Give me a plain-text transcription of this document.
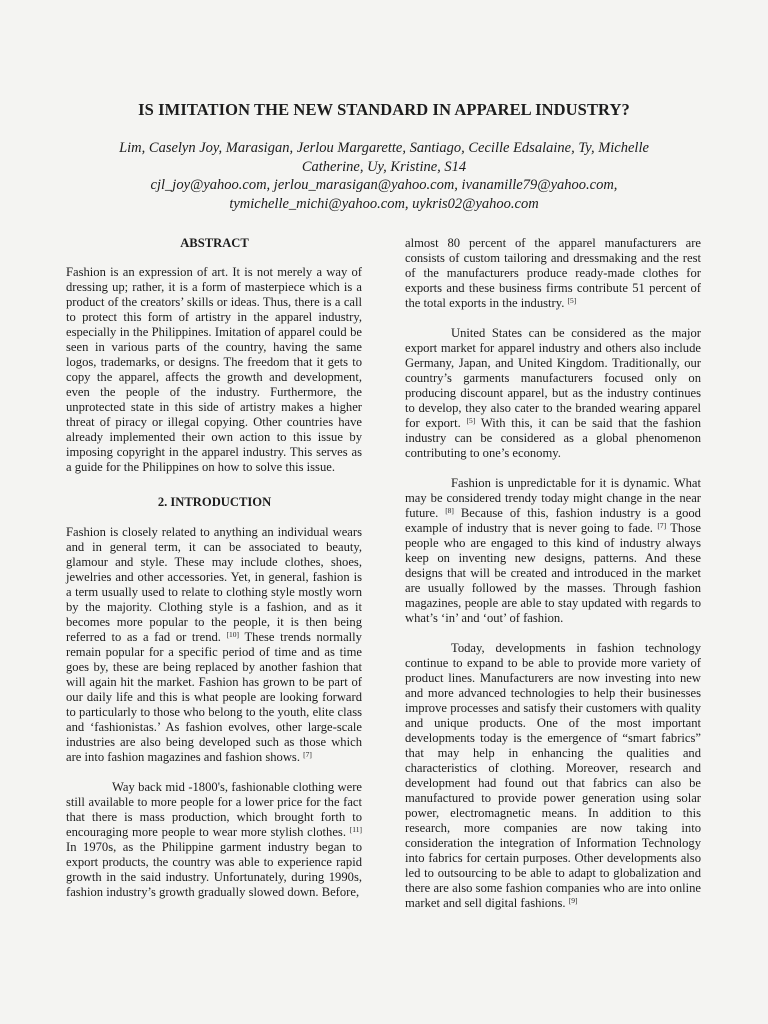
IS IMITATION THE NEW STANDARD IN APPAREL INDUSTRY?
Lim, Caselyn Joy, Marasigan, Jerlou Margarette, Santiago, Cecille Edsalaine, Ty, Michelle
Catherine, Uy, Kristine, S14
cjl_joy@yahoo.com, jerlou_marasigan@yahoo.com, ivanamille79@yahoo.com,
tymichelle_michi@yahoo.com, uykris02@yahoo.com
ABSTRACT

Fashion is an expression of art. It is not merely a way of dressing up; rather, it is a form of masterpiece which is a product of the creators’ skills or ideas. Thus, there is a call to protect this form of artistry in the apparel industry, especially in the Philippines. Imitation of apparel could be seen in various parts of the country, having the same logos, trademarks, or designs. The freedom that it gets to copy the apparel, affects the growth and development, even the people of the industry. Furthermore, the unprotected state in this side of artistry makes a higher threat of piracy or illegal copying. Other countries have already implemented their own action to this issue by imposing copyright in the apparel industry. This serves as a guide for the Philippines on how to solve this issue.

2. INTRODUCTION

Fashion is closely related to anything an individual wears and in general term, it can be associated to beauty, glamour and style. These may include clothes, shoes, jewelries and other accessories. Yet, in general, fashion is a term usually used to relate to clothing style mostly worn by the majority. Clothing style is a fashion, and as it becomes more popular to the people, it is then being referred to as a fad or trend. [10] These trends normally remain popular for a specific period of time and as time goes by, these are being replaced by another fashion that will again hit the market. Fashion has grown to be part of our daily life and this is what people are looking forward to particularly to those who belong to the youth, elite class and ‘fashionistas.’ As fashion evolves, other large-scale industries are also being developed such as those which are into fashion magazines and fashion shows. [7]

Way back mid -1800's, fashionable clothing were still available to more people for a lower price for the fact that there is mass production, which brought forth to encouraging more people to wear more stylish clothes. [11] In 1970s, as the Philippine garment industry began to export products, the country was able to experience rapid growth in the said industry. Unfortunately, during 1990s, fashion industry’s growth gradually slowed down. Before,

almost 80 percent of the apparel manufacturers are consists of custom tailoring and dressmaking and the rest of the manufacturers produce ready-made clothes for exports and these business firms contribute 51 percent of the total exports in the industry. [5]

United States can be considered as the major export market for apparel industry and others also include Germany, Japan, and United Kingdom. Traditionally, our country’s garments manufacturers focused only on producing discount apparel, but as the industry continues to develop, they also cater to the branded wearing apparel for export. [5] With this, it can be said that the fashion industry can be considered as a global phenomenon contributing to one’s economy.

Fashion is unpredictable for it is dynamic. What may be considered trendy today might change in the near future. [8] Because of this, fashion industry is a good example of industry that is never going to fade. [7] Those people who are engaged to this kind of industry always keep on inventing new designs, patterns. And these designs that will be created and introduced in the market are usually followed by the masses. Through fashion magazines, people are able to stay updated with regards to what’s ‘in’ and ‘out’ of fashion.

Today, developments in fashion technology continue to expand to be able to provide more variety of product lines. Manufacturers are now investing into new and more advanced technologies to help their businesses improve processes and satisfy their customers with quality and unique products. One of the most important developments today is the emergence of “smart fabrics” that may help in enhancing the qualities and characteristics of clothing. Moreover, research and development had found out that fabrics can also be manufactured to provide power generation using solar power, electromagnetic means. In addition to this research, more companies are now taking into consideration the integration of Information Technology into fabrics for certain purposes. Other developments also led to outsourcing to be able to adapt to globalization and there are also some fashion companies who are into online market and sell digital fashions. [9]
